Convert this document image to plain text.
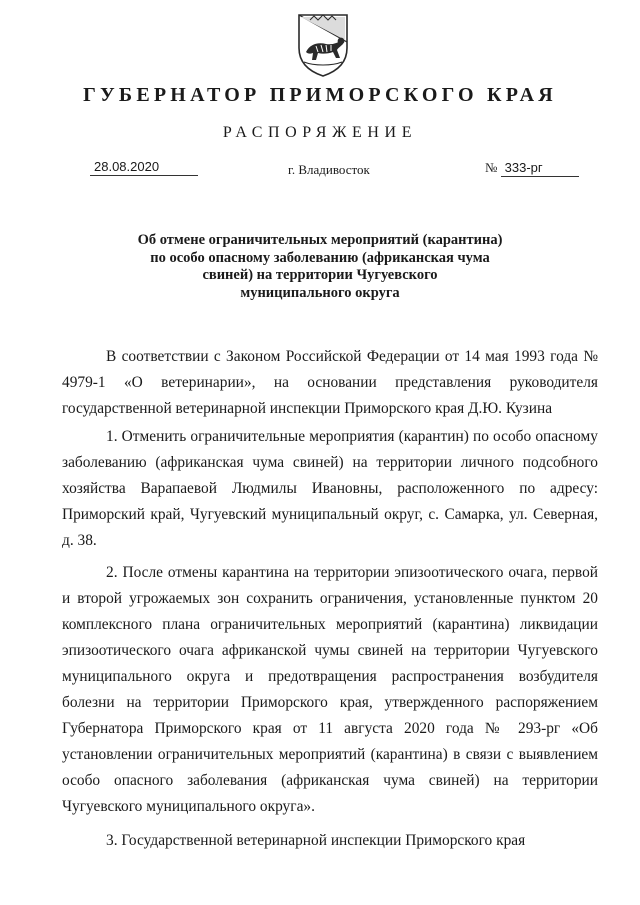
ГУБЕРНАТОР ПРИМОРСКОГО КРАЯ
РАСПОРЯЖЕНИЕ
28.08.2020	г. Владивосток	№ 333-рг
Об отмене ограничительных мероприятий (карантина)
по особо опасному заболеванию (африканская чума
свиней) на территории Чугуевского
муниципального округа

В соответствии с Законом Российской Федерации от 14 мая 1993 года № 4979-1 «О ветеринарии», на основании представления руководителя государственной ветеринарной инспекции Приморского края Д.Ю. Кузина

1. Отменить ограничительные мероприятия (карантин) по особо опасному заболеванию (африканская чума свиней) на территории личного подсобного хозяйства Варапаевой Людмилы Ивановны, расположенного по адресу: Приморский край, Чугуевский муниципальный округ, с. Самарка, ул. Северная, д. 38.

2. После отмены карантина на территории эпизоотического очага, первой и второй угрожаемых зон сохранить ограничения, установленные пунктом 20 комплексного плана ограничительных мероприятий (карантина) ликвидации эпизоотического очага африканской чумы свиней на территории Чугуевского муниципального округа и предотвращения распространения возбудителя болезни на территории Приморского края, утвержденного распоряжением Губернатора Приморского края от 11 августа 2020 года № 293-рг «Об установлении ограничительных мероприятий (карантина) в связи с выявлением особо опасного заболевания (африканская чума свиней) на территории Чугуевского муниципального округа».

3. Государственной ветеринарной инспекции Приморского края
